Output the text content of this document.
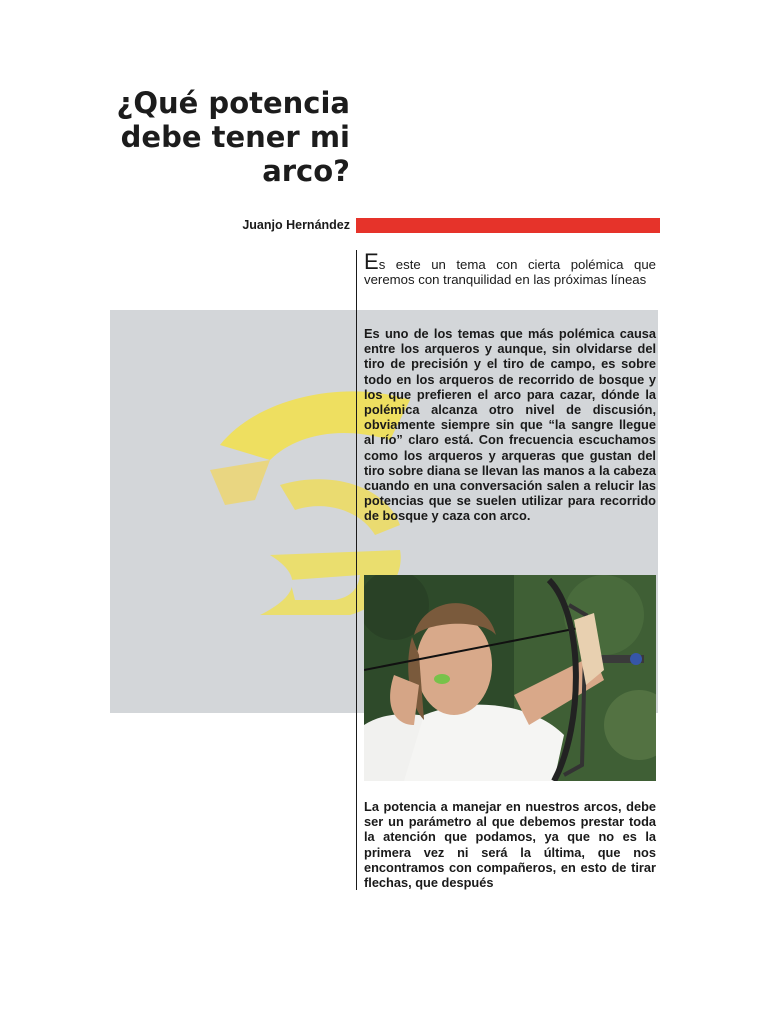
¿Qué potencia
debe tener mi
arco?
Juanjo Hernández
Es este un tema con cierta polémica que veremos con tranquilidad en las próximas líneas
Es uno de los temas que más polémica causa entre los arqueros y aunque, sin olvidarse del tiro de precisión y el tiro de campo, es sobre todo en los arqueros de recorrido de bosque y los que prefieren el arco para cazar, dónde la polémica alcanza otro nivel de discusión, obviamente siempre sin que “la sangre llegue al río” claro está. Con frecuencia escuchamos como los arqueros y arqueras que gustan del tiro sobre diana se llevan las manos a la cabeza cuando en una conversación salen a relucir las potencias que se suelen utilizar para recorrido de bosque y caza con arco.
La potencia a manejar en nuestros arcos, debe ser un parámetro al que debemos prestar toda la atención que podamos, ya que no es la primera vez ni será la última, que nos encontramos con compañeros, en esto de tirar flechas, que después
